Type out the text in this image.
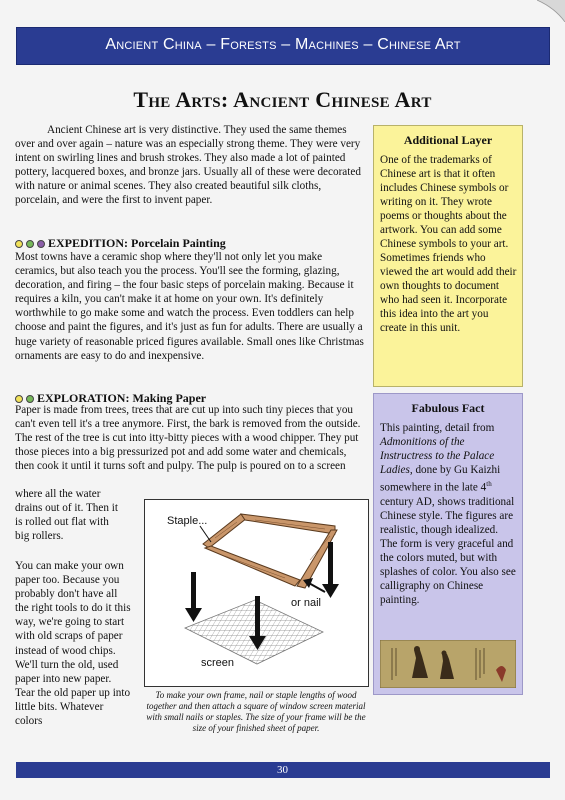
Ancient China – Forests – Machines – Chinese Art
The Arts: Ancient Chinese Art

Ancient Chinese art is very distinctive. They used the same themes over and over again – nature was an especially strong theme. They were very intent on swirling lines and brush strokes. They also made a lot of painted pottery, lacquered boxes, and bronze jars. Usually all of these were decorated with nature or animal scenes. They also created beautiful silk cloths, porcelain, and were the first to invent paper.

EXPEDITION: Porcelain Painting

Most towns have a ceramic shop where they'll not only let you make ceramics, but also teach you the process. You'll see the forming, glazing, decoration, and firing – the four basic steps of porcelain making. Because it requires a kiln, you can't make it at home on your own. It's definitely worthwhile to go make some and watch the process. Even toddlers can help choose and paint the figures, and it's just as fun for adults. There are usually a huge variety of reasonable priced figures available. Small ones like Christmas ornaments are easy to do and inexpensive.

EXPLORATION: Making Paper

Paper is made from trees, trees that are cut up into such tiny pieces that you can't even tell it's a tree anymore. First, the bark is removed from the outside. The rest of the tree is cut into itty-bitty pieces with a wood chipper. They put those pieces into a big pressurized pot and add some water and chemicals, then cook it until it turns soft and pulpy. The pulp is poured on to a screen

where all the water drains out of it. Then it is rolled out flat with big rollers.

You can make your own paper too. Because you probably don't have all the right tools to do it this way, we're going to start with old scraps of paper instead of wood chips. We'll turn the old, used paper into new paper. Tear the old paper up into little bits. Whatever colors

Staple...
or nail
screen
To make your own frame, nail or staple lengths of wood together and then attach a square of window screen material with small nails or staples. The size of your frame will be the size of your finished sheet of paper.
Additional Layer

One of the trademarks of Chinese art is that it often includes Chinese symbols or writing on it. They wrote poems or thoughts about the artwork. You can add some Chinese symbols to your art. Sometimes friends who viewed the art would add their own thoughts to document who had seen it. Incorporate this idea into the art you create in this unit.

Fabulous Fact

This painting, detail from Admonitions of the Instructress to the Palace Ladies, done by Gu Kaizhi somewhere in the late 4th century AD, shows traditional Chinese style. The figures are realistic, though idealized. The form is very graceful and the colors muted, but with splashes of color. You also see calligraphy on Chinese painting.

30
